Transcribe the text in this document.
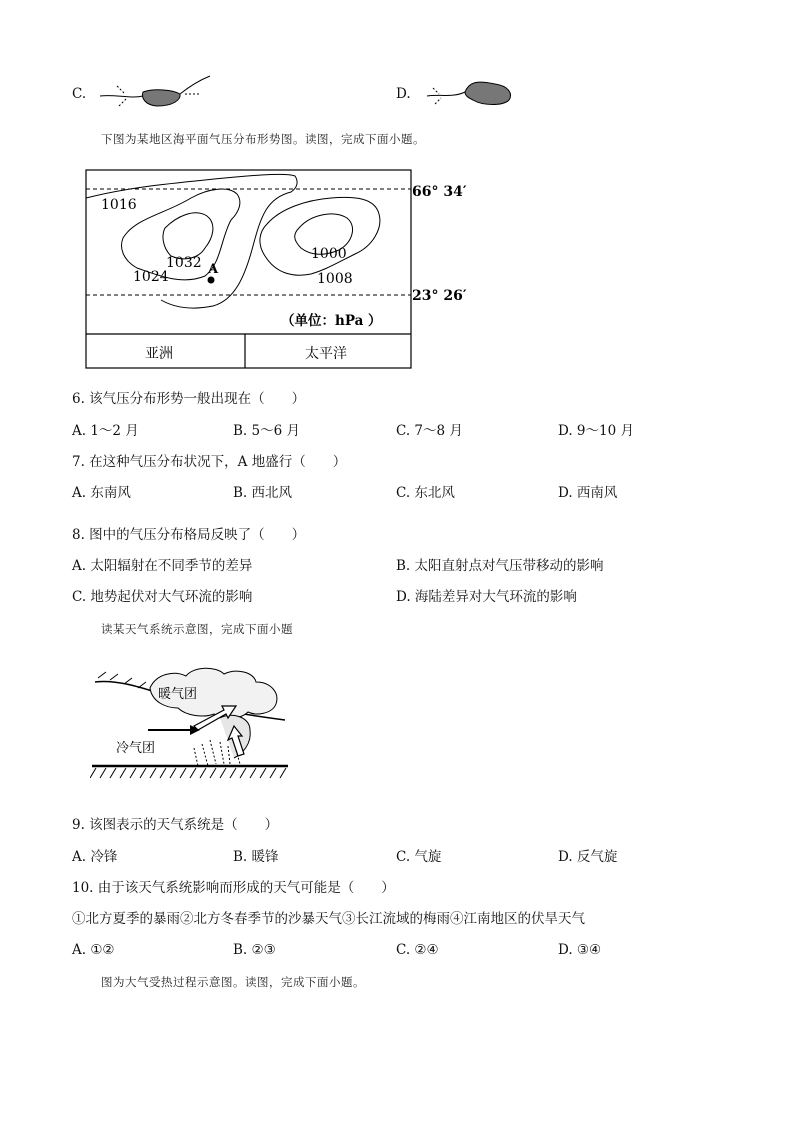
C.	D.
下图为某地区海平面气压分布形势图。读图，完成下面小题。
1016
1032
1024
1000
1008
A
66° 34′
23° 26′
（单位：hPa ）
亚洲	太平洋
6. 该气压分布形势一般出现在（　　）
A. 1～2 月	B. 5～6 月	C. 7～8 月	D. 9～10 月
7. 在这种气压分布状况下，A 地盛行（　　）
A. 东南风	B. 西北风	C. 东北风	D. 西南风
8. 图中的气压分布格局反映了（　　）
A. 太阳辐射在不同季节的差异	B. 太阳直射点对气压带移动的影响
C. 地势起伏对大气环流的影响	D. 海陆差异对大气环流的影响
读某天气系统示意图，完成下面小题
暖气团
冷气团
9. 该图表示的天气系统是（　　）
A. 冷锋	B. 暖锋	C. 气旋	D. 反气旋
10. 由于该天气系统影响而形成的天气可能是（　　）
①北方夏季的暴雨②北方冬春季节的沙暴天气③长江流域的梅雨④江南地区的伏旱天气
A. ①②	B. ②③	C. ②④	D. ③④
图为大气受热过程示意图。读图，完成下面小题。
